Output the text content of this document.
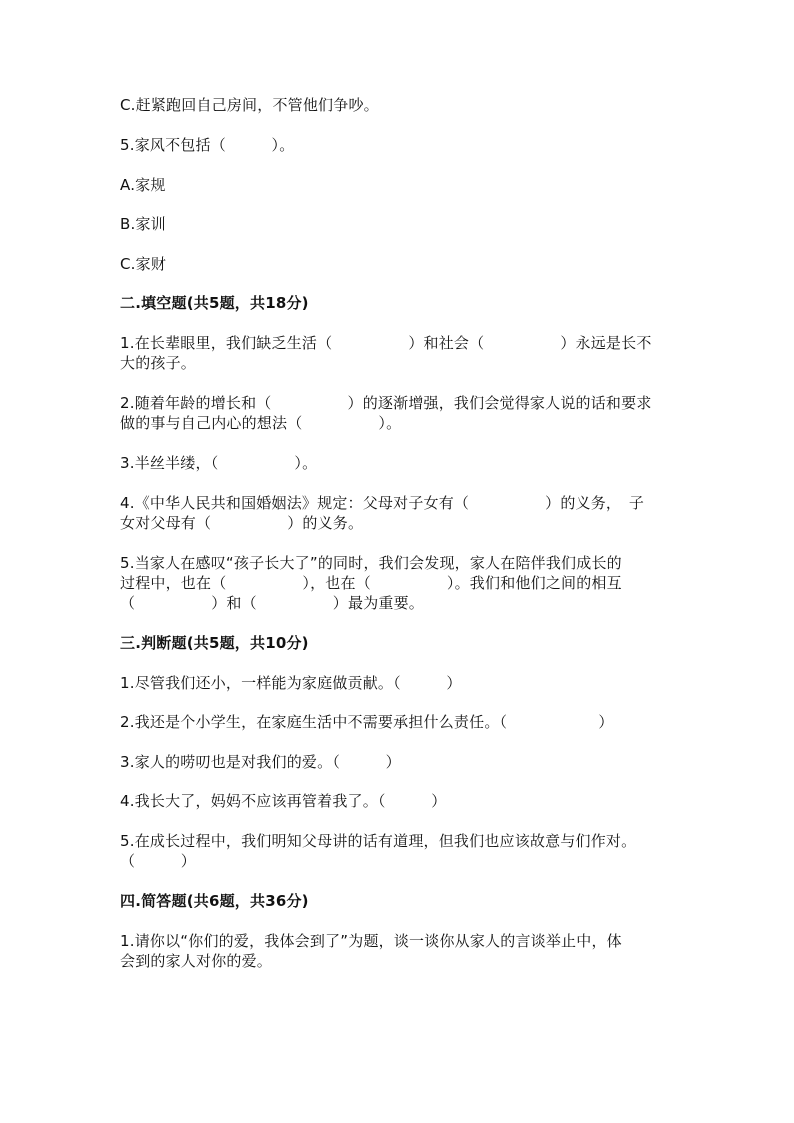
C.赶紧跑回自己房间，不管他们争吵。
5.家风不包括（　　　）。
A.家规
B.家训
C.家财
二.填空题(共5题，共18分)
1.在长辈眼里，我们缺乏生活（　　　　　）和社会（　　　　　）永远是长不
大的孩子。
2.随着年龄的增长和（　　　　　）的逐渐增强，我们会觉得家人说的话和要求
做的事与自己内心的想法（　　　　　）。
3.半丝半缕，（　　　　　）。
4.《中华人民共和国婚姻法》规定：父母对子女有（　　　　　）的义务，　子
女对父母有（　　　　　）的义务。
5.当家人在感叹“孩子长大了”的同时，我们会发现，家人在陪伴我们成长的
过程中，也在（　　　　　），也在（　　　　　）。我们和他们之间的相互
（　　　　　）和（　　　　　）最为重要。
三.判断题(共5题，共10分)
1.尽管我们还小，一样能为家庭做贡献。（　　　）
2.我还是个小学生，在家庭生活中不需要承担什么责任。（　　　　　　）
3.家人的唠叨也是对我们的爱。（　　　）
4.我长大了，妈妈不应该再管着我了。（　　　）
5.在成长过程中，我们明知父母讲的话有道理，但我们也应该故意与们作对。
（　　　）
四.简答题(共6题，共36分)
1.请你以“你们的爱，我体会到了”为题，谈一谈你从家人的言谈举止中，体
会到的家人对你的爱。
